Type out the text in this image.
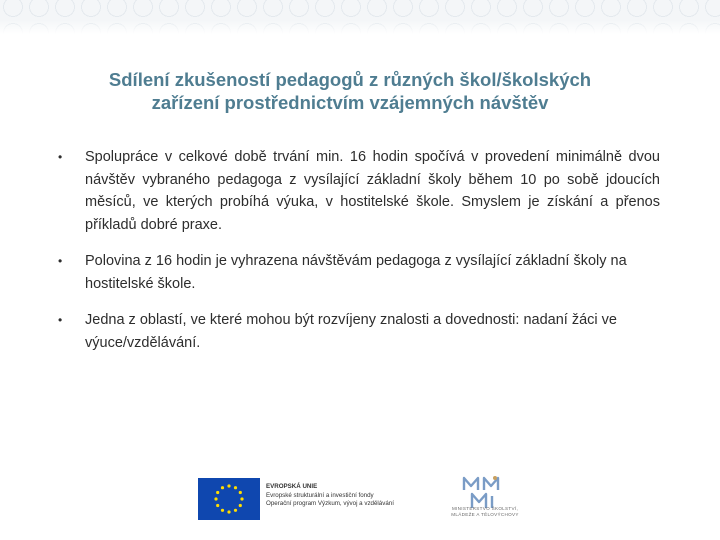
Sdílení zkušeností pedagogů z různých škol/školských
zařízení prostřednictvím vzájemných návštěv
• Spolupráce v celkové době trvání min. 16 hodin spočívá v provedení minimálně dvou návštěv vybraného pedagoga z vysílající základní školy během 10 po sobě jdoucích měsíců, ve kterých probíhá výuka, v hostitelské škole. Smyslem je získání a přenos příkladů dobré praxe.
• Polovina z 16 hodin je vyhrazena návštěvám pedagoga z vysílající základní školy na hostitelské škole.
• Jedna z oblastí, ve které mohou být rozvíjeny znalosti a dovednosti: nadaní žáci ve výuce/vzdělávání.
EVROPSKÁ UNIE
Evropské strukturální a investiční fondy
Operační program Výzkum, vývoj a vzdělávání
MINISTERSTVO ŠKOLSTVÍ,
MLÁDEŽE A TĚLOVÝCHOVY
